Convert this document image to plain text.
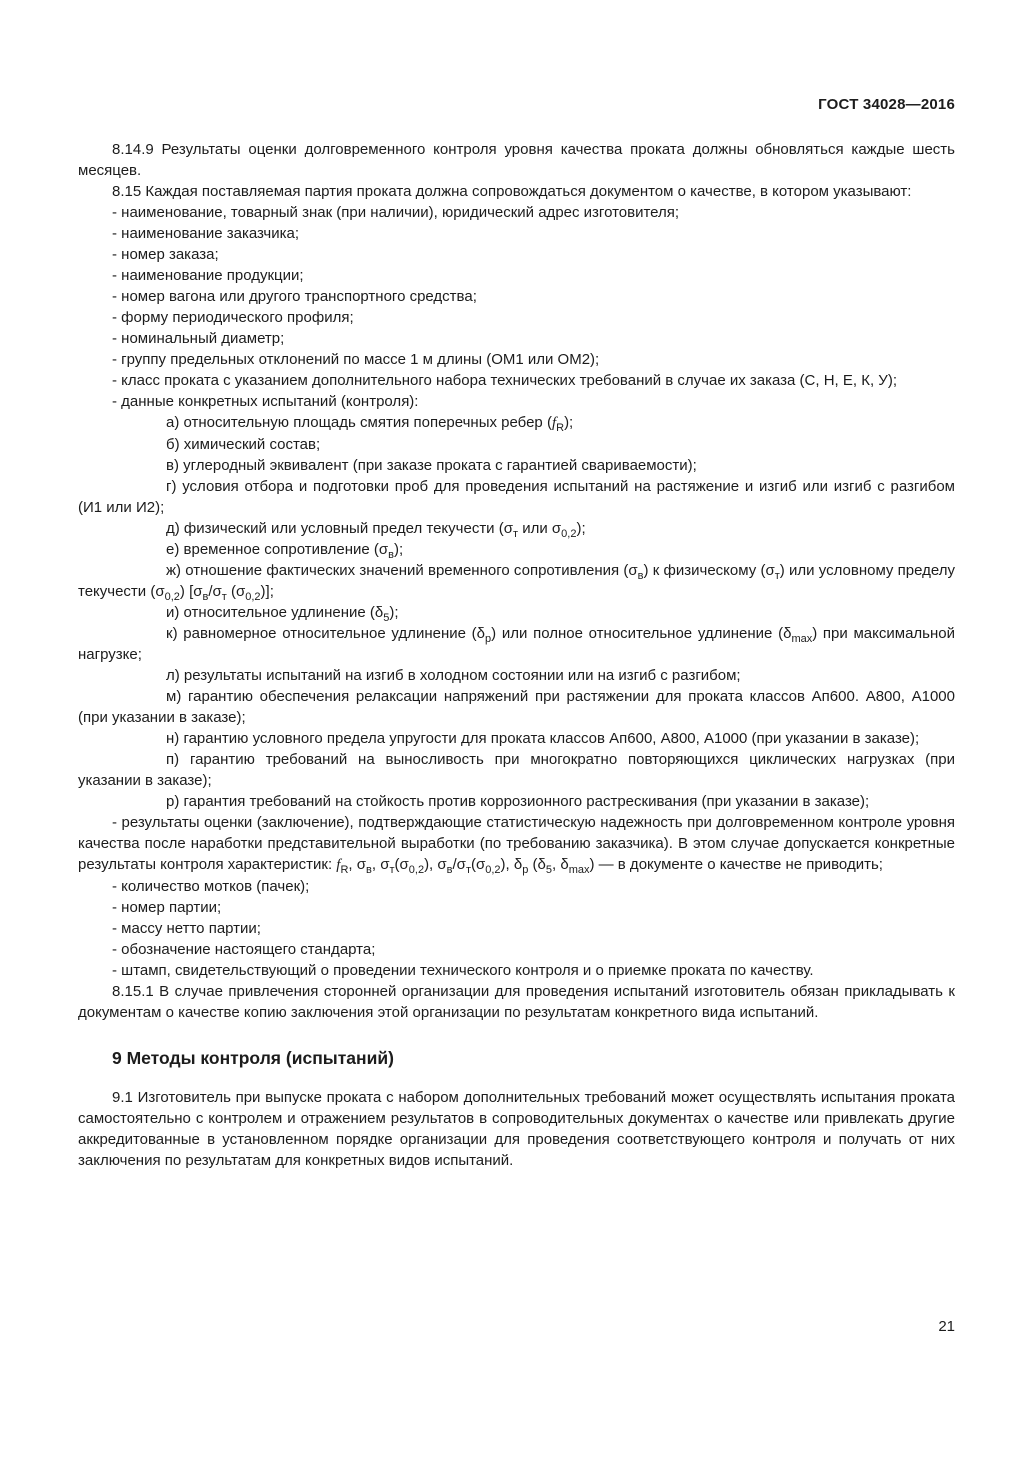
ГОСТ 34028—2016

8.14.9 Результаты оценки долговременного контроля уровня качества проката должны обновляться каждые шесть месяцев.

8.15 Каждая поставляемая партия проката должна сопровождаться документом о качестве, в котором указывают:

- наименование, товарный знак (при наличии), юридический адрес изготовителя;

- наименование заказчика;

- номер заказа;

- наименование продукции;

- номер вагона или другого транспортного средства;

- форму периодического профиля;

- номинальный диаметр;

- группу предельных отклонений по массе 1 м длины (ОМ1 или ОМ2);

- класс проката с указанием дополнительного набора технических требований в случае их заказа (С, Н, Е, К, У);

- данные конкретных испытаний (контроля):

а) относительную площадь смятия поперечных ребер $(f_R)$;

б) химический состав;

в) углеродный эквивалент (при заказе проката с гарантией свариваемости);

г) условия отбора и подготовки проб для проведения испытаний на растяжение и изгиб или изгиб с разгибом (И1 или И2);

д) физический или условный предел текучести ($\sigma_т$ или $\sigma_{0,2}$);

е) временное сопротивление $(\sigma_в)$;

ж) отношение фактических значений временного сопротивления $(\sigma_в)$ к физическому $(\sigma_т)$ или условному пределу текучести $(\sigma_{0,2})$ [$\sigma_в/\sigma_т$ $(\sigma_{0,2})$];

и) относительное удлинение $(\delta_5)$;

к) равномерное относительное удлинение $(\delta_р)$ или полное относительное удлинение $(\delta_{max})$ при максимальной нагрузке;

л) результаты испытаний на изгиб в холодном состоянии или на изгиб с разгибом;

м) гарантию обеспечения релаксации напряжений при растяжении для проката классов Ап600. А800, А1000 (при указании в заказе);

н) гарантию условного предела упругости для проката классов Ап600, А800, А1000 (при указании в заказе);

п) гарантию требований на выносливость при многократно повторяющихся циклических нагрузках (при указании в заказе);

р) гарантия требований на стойкость против коррозионного растрескивания (при указании в заказе);

- результаты оценки (заключение), подтверждающие статистическую надежность при долговременном контроле уровня качества после наработки представительной выработки (по требованию заказчика). В этом случае допускается конкретные результаты контроля характеристик: $f_R$, $\sigma_в$, $\sigma_т(\sigma_{0,2})$, $\sigma_в/\sigma_т(\sigma_{0,2})$, $\delta_р$ ($\delta_5$, $\delta_{max}$) — в документе о качестве не приводить;

- количество мотков (пачек);

- номер партии;

- массу нетто партии;

- обозначение настоящего стандарта;

- штамп, свидетельствующий о проведении технического контроля и о приемке проката по качеству.

8.15.1 В случае привлечения сторонней организации для проведения испытаний изготовитель обязан прикладывать к документам о качестве копию заключения этой организации по результатам конкретного вида испытаний.

9 Методы контроля (испытаний)

9.1 Изготовитель при выпуске проката с набором дополнительных требований может осуществлять испытания проката самостоятельно с контролем и отражением результатов в сопроводительных документах о качестве или привлекать другие аккредитованные в установленном порядке организации для проведения соответствующего контроля и получать от них заключения по результатам для конкретных видов испытаний.

21
